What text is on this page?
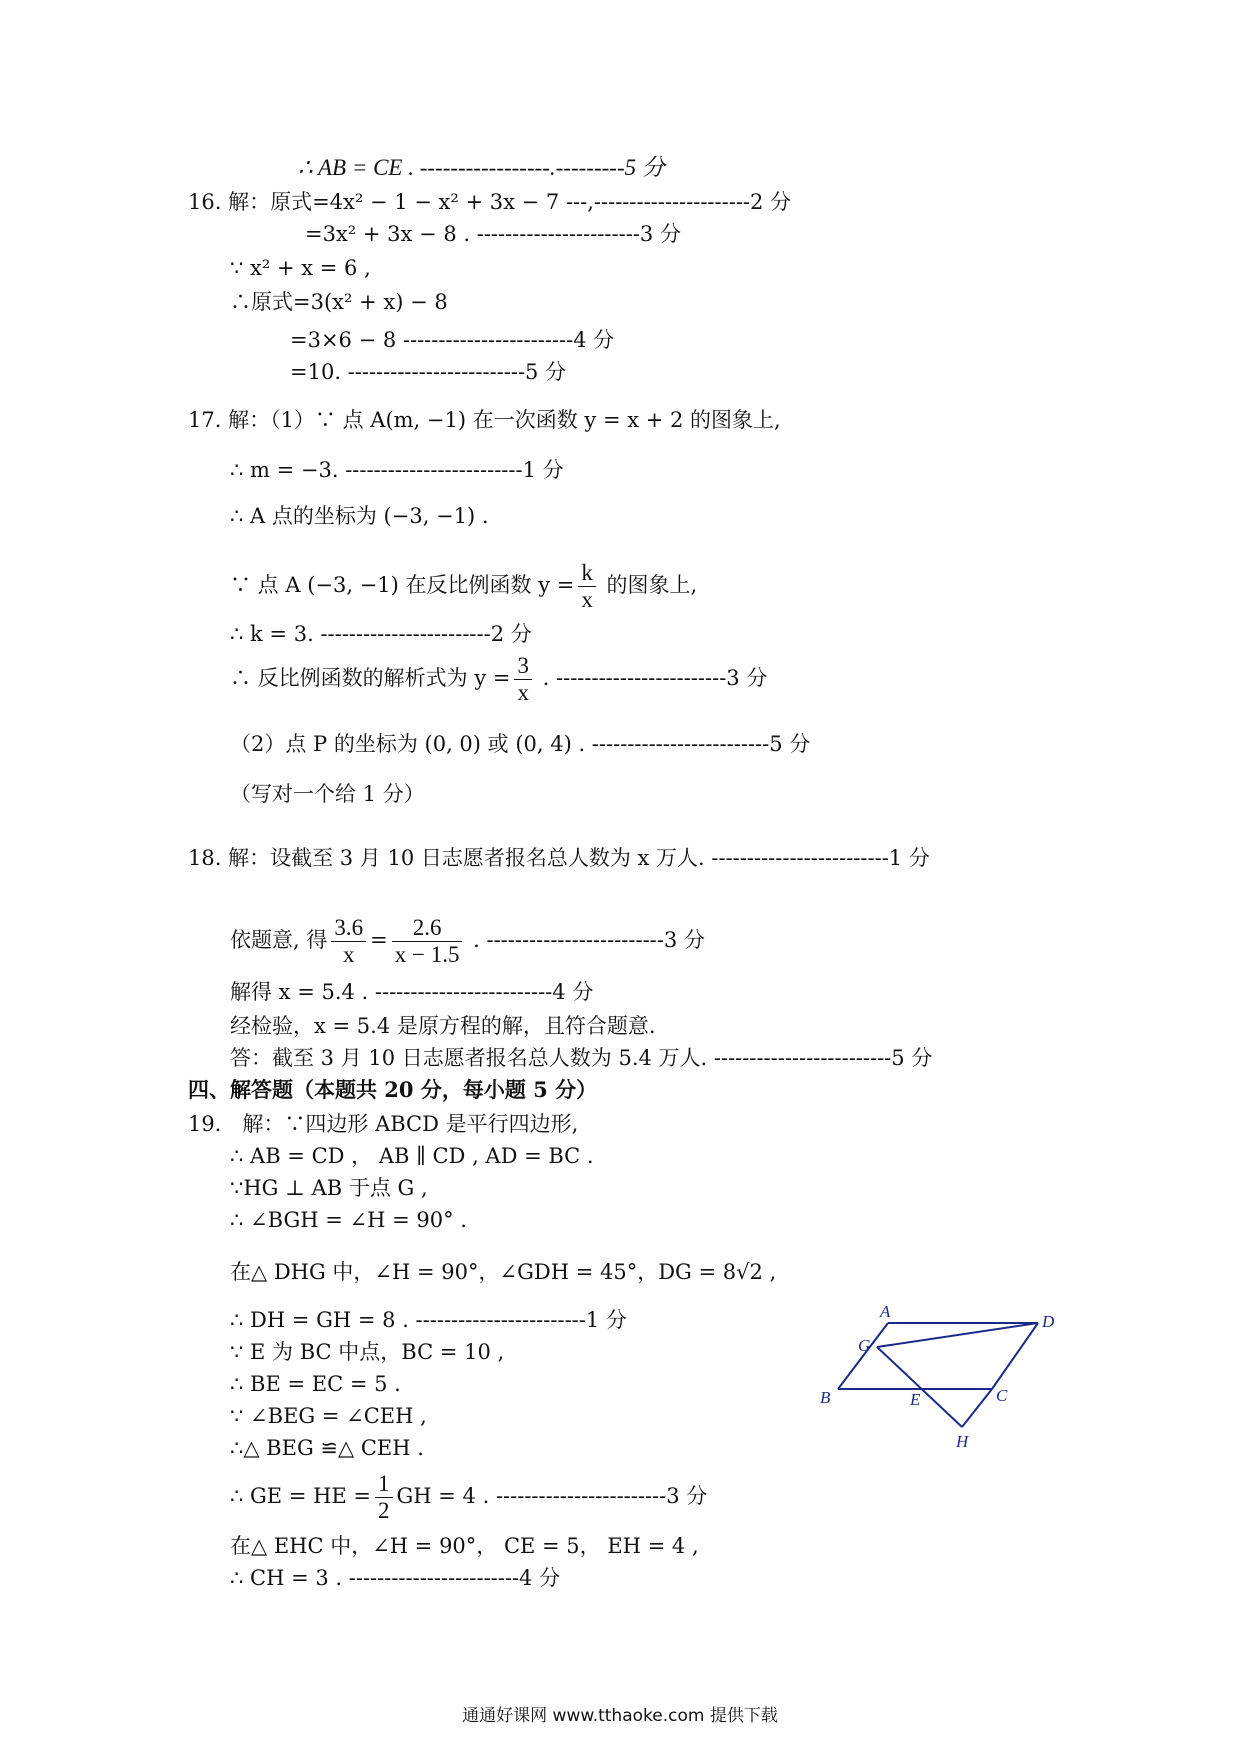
∴ AB = CE . -----------------.---------5 分
16. 解：原式=4x² − 1 − x² + 3x − 7 ---,----------------------2 分
=3x² + 3x − 8 . -----------------------3 分
∵ x² + x = 6 ,
∴原式=3(x² + x) − 8
=3×6 − 8 ------------------------4 分
=10. -------------------------5 分
17. 解：（1）∵ 点 A(m, −1) 在一次函数 y = x + 2 的图象上,
∴ m = −3. -------------------------1 分
∴ A 点的坐标为 (−3, −1) .
∵ 点 A (−3, −1) 在反比例函数 $y = \frac{k}{x}$ 的图象上,
∴ k = 3. ------------------------2 分
∴ 反比例函数的解析式为 $y = \frac{3}{x}$ . ------------------------3 分
（2）点 P 的坐标为 (0, 0) 或 (0, 4) . -------------------------5 分
（写对一个给 1 分）
18. 解：设截至 3 月 10 日志愿者报名总人数为 x 万人. -------------------------1 分
依题意, 得 $\frac{3.6}{x} = \frac{2.6}{x - 1.5}$ . -------------------------3 分
解得 x = 5.4 . -------------------------4 分
经检验，x = 5.4 是原方程的解，且符合题意.
答：截至 3 月 10 日志愿者报名总人数为 5.4 万人. -------------------------5 分
四、解答题（本题共 20 分，每小题 5 分）
19． 解：∵四边形 ABCD 是平行四边形,
∴ AB = CD ， AB ∥ CD , AD = BC .
∵HG ⊥ AB 于点 G ,
∴ ∠BGH = ∠H = 90° .
在△ DHG 中，∠H = 90°，∠GDH = 45°，DG = 8√2 ,
∴ DH = GH = 8 . ------------------------1 分
∵ E 为 BC 中点，BC = 10 ,
∴ BE = EC = 5 .
∵ ∠BEG = ∠CEH ,
∴△ BEG ≌△ CEH .
∴ GE = HE = $\frac{1}{2}$ GH = 4 . ------------------------3 分
在△ EHC 中，∠H = 90°， CE = 5， EH = 4 ,
∴ CH = 3 . ------------------------4 分
A
D
G
B	E	C
H
通通好课网 www.tthaoke.com 提供下载
